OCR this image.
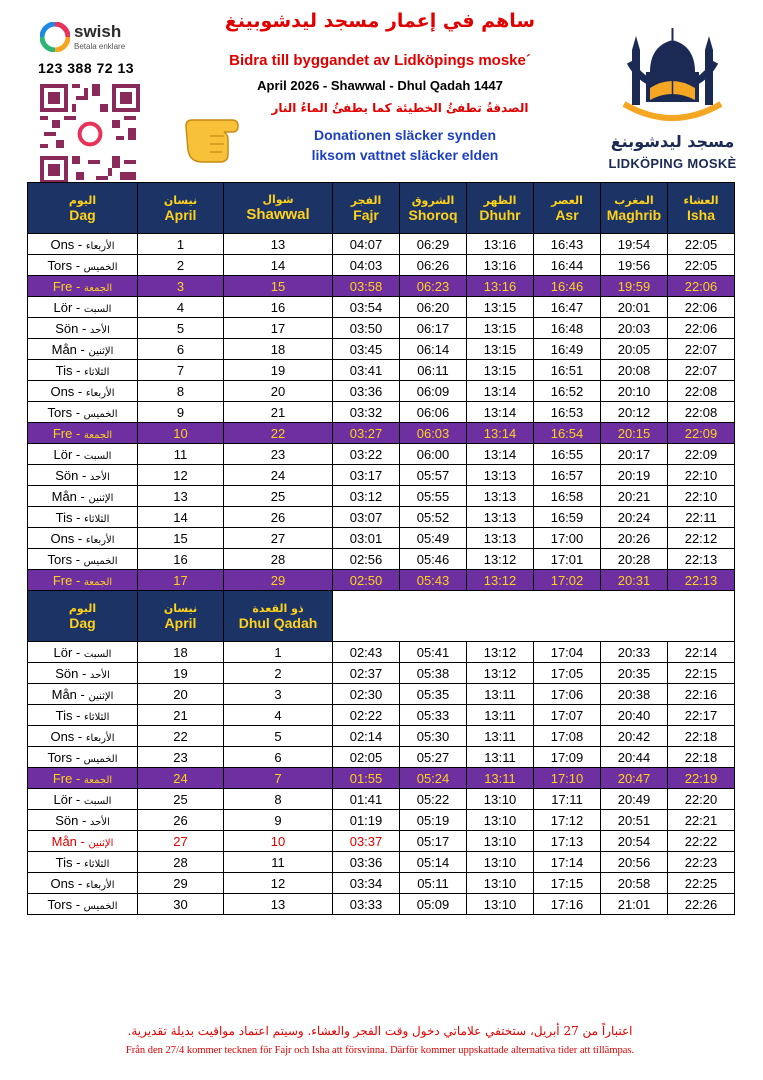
swish
Betala enklare
123 388 72 13
ساهم في إعمار مسجد ليدشوبينغ
Bidra till byggandet av Lidköpings moske´
April 2026 - Shawwal - Dhul Qadah 1447
الصدقةُ تطفئُ الخطيئة كما يطفئُ الماءُ النار
Donationen släcker synden
liksom vattnet släcker elden
مسجد ليدشوبنغ
LIDKÖPING MOSKÈ
اليوم
Dag	نيسان
April	شوال
Shawwal	الفجر
Fajr	الشروق
Shoroq	الظهر
Dhuhr	العصر
Asr	المغرب
Maghrib	العشاء
Isha

Ons - الأربعاء	1	13	04:07	06:29	13:16	16:43	19:54	22:05
Tors - الخميس	2	14	04:03	06:26	13:16	16:44	19:56	22:05
Fre - الجمعة	3	15	03:58	06:23	13:16	16:46	19:59	22:06
Lör - السبت	4	16	03:54	06:20	13:15	16:47	20:01	22:06
Sön - الأحد	5	17	03:50	06:17	13:15	16:48	20:03	22:06
Mån - الإثنين	6	18	03:45	06:14	13:15	16:49	20:05	22:07
Tis - الثلاثاء	7	19	03:41	06:11	13:15	16:51	20:08	22:07
Ons - الأربعاء	8	20	03:36	06:09	13:14	16:52	20:10	22:08
Tors - الخميس	9	21	03:32	06:06	13:14	16:53	20:12	22:08
Fre - الجمعة	10	22	03:27	06:03	13:14	16:54	20:15	22:09
Lör - السبت	11	23	03:22	06:00	13:14	16:55	20:17	22:09
Sön - الأحد	12	24	03:17	05:57	13:13	16:57	20:19	22:10
Mån - الإثنين	13	25	03:12	05:55	13:13	16:58	20:21	22:10
Tis - الثلاثاء	14	26	03:07	05:52	13:13	16:59	20:24	22:11
Ons - الأربعاء	15	27	03:01	05:49	13:13	17:00	20:26	22:12
Tors - الخميس	16	28	02:56	05:46	13:12	17:01	20:28	22:13
Fre - الجمعة	17	29	02:50	05:43	13:12	17:02	20:31	22:13

اليوم
Dag	نيسان
April	ذو القعدة
Dhul Qadah						

Lör - السبت	18	1	02:43	05:41	13:12	17:04	20:33	22:14
Sön - الأحد	19	2	02:37	05:38	13:12	17:05	20:35	22:15
Mån - الإثنين	20	3	02:30	05:35	13:11	17:06	20:38	22:16
Tis - الثلاثاء	21	4	02:22	05:33	13:11	17:07	20:40	22:17
Ons - الأربعاء	22	5	02:14	05:30	13:11	17:08	20:42	22:18
Tors - الخميس	23	6	02:05	05:27	13:11	17:09	20:44	22:18
Fre - الجمعة	24	7	01:55	05:24	13:11	17:10	20:47	22:19
Lör - السبت	25	8	01:41	05:22	13:10	17:11	20:49	22:20
Sön - الأحد	26	9	01:19	05:19	13:10	17:12	20:51	22:21
Mån - الإثنين	27	10	03:37	05:17	13:10	17:13	20:54	22:22
Tis - الثلاثاء	28	11	03:36	05:14	13:10	17:14	20:56	22:23
Ons - الأربعاء	29	12	03:34	05:11	13:10	17:15	20:58	22:25
Tors - الخميس	30	13	03:33	05:09	13:10	17:16	21:01	22:26
اعتباراً من 27 أبريل، ستختفي علاماتي دخول وقت الفجر والعشاء. وسيتم اعتماد مواقيت بديلة تقديرية.
Från den 27/4 kommer tecknen för Fajr och Isha att försvinna. Därför kommer uppskattade alternativa tider att tillämpas.
